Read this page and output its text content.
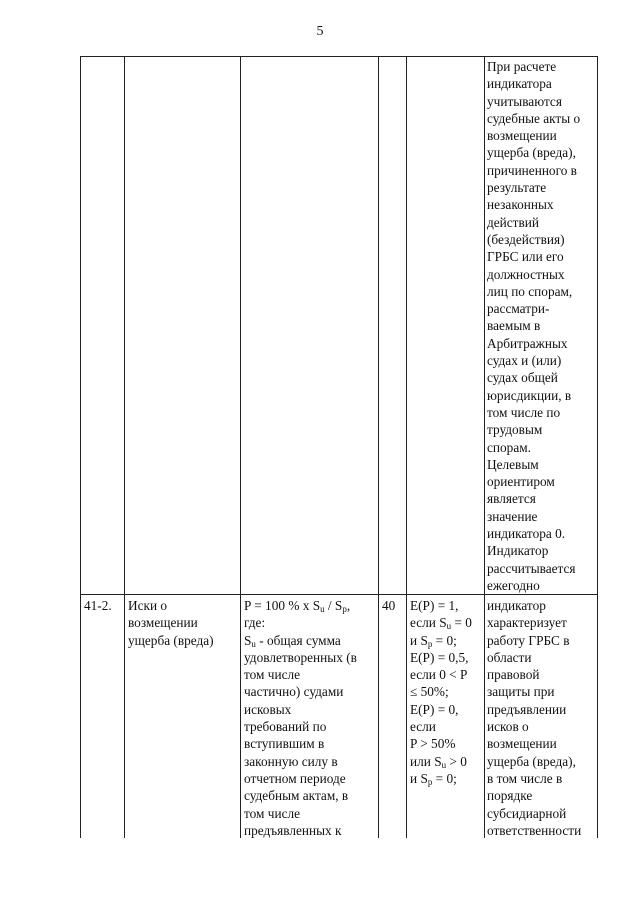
5
При расчете
индикатора
учитываются
судебные акты о
возмещении
ущерба (вреда),
причиненного в
результате
незаконных
действий
(бездействия)
ГРБС или его
должностных
лиц по спорам,
рассматри-
ваемым в
Арбитражных
судах и (или)
судах общей
юрисдикции, в
том числе по
трудовым
спорам.
Целевым
ориентиром
является
значение
индикатора 0.
Индикатор
рассчитывается
ежегодно
41-2.	Иски о
возмещении
ущерба (вреда)
P = 100 % x $S_u / S_p$,
где:
$S_u$ - общая сумма
удовлетворенных (в
том числе
частично) судами
исковых
требований по
вступившим в
законную силу в
отчетном периоде
судебным актам, в
том числе
предъявленных к
40	E(P) = 1,
если $S_u = 0$
и $S_p = 0$;
E(P) = 0,5,
если 0 < P
≤ 50%;
E(P) = 0,
если
P > 50%
или $S_u > 0$
и $S_p = 0$;
индикатор
характеризует
работу ГРБС в
области
правовой
защиты при
предъявлении
исков о
возмещении
ущерба (вреда),
в том числе в
порядке
субсидиарной
ответственности
